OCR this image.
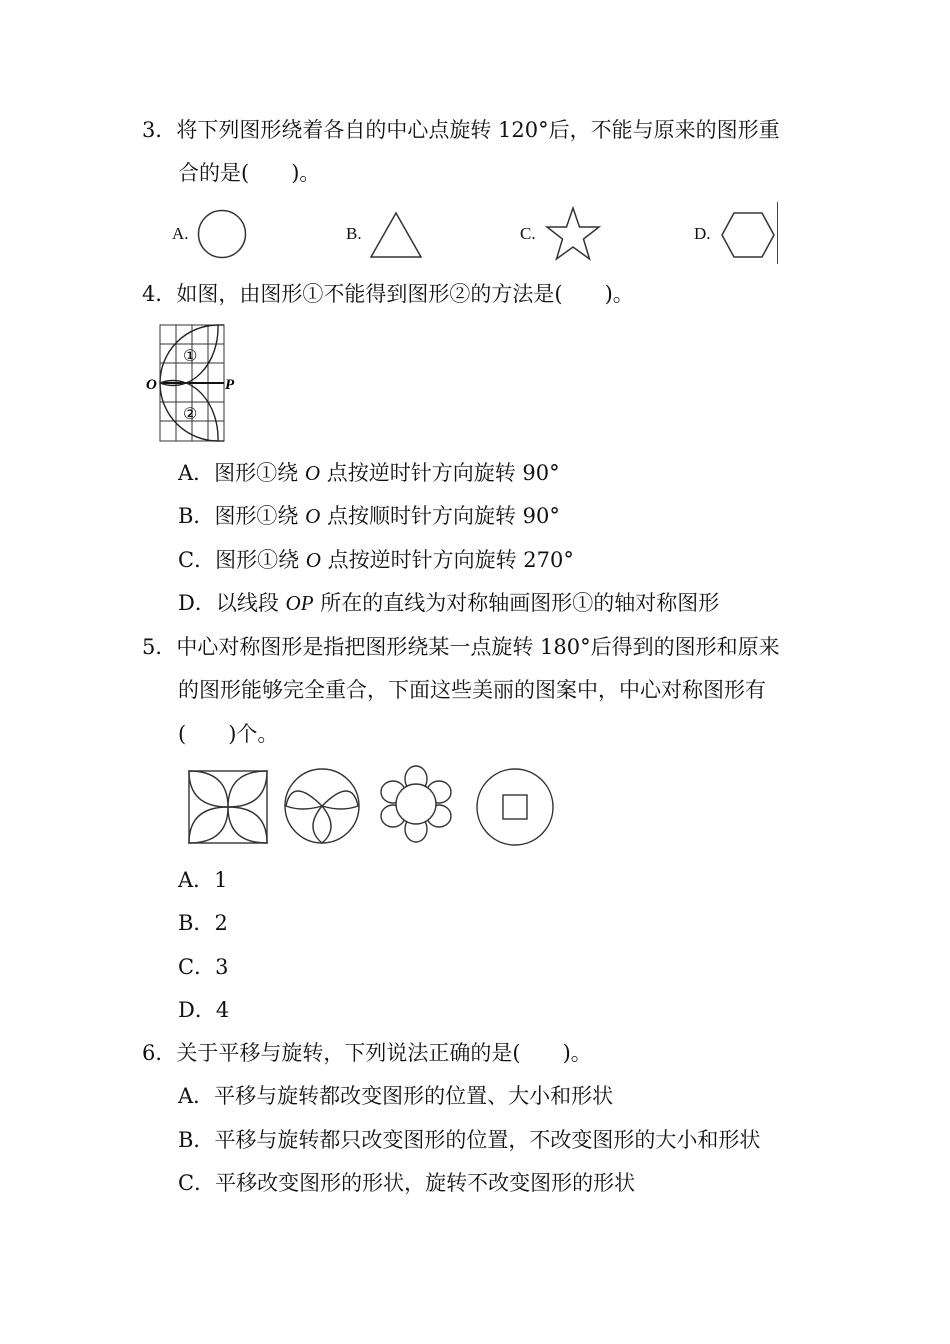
3．将下列图形绕着各自的中心点旋转 120°后，不能与原来的图形重
合的是(　　)。
A.	B.	C.	D.
4．如图，由图形①不能得到图形②的方法是(　　)。
O	P
①
②
A．图形①绕 O 点按逆时针方向旋转 90°
B．图形①绕 O 点按顺时针方向旋转 90°
C．图形①绕 O 点按逆时针方向旋转 270°
D．以线段 OP 所在的直线为对称轴画图形①的轴对称图形
5．中心对称图形是指把图形绕某一点旋转 180°后得到的图形和原来
的图形能够完全重合，下面这些美丽的图案中，中心对称图形有
(　　)个。
A．1
B．2
C．3
D．4
6．关于平移与旋转，下列说法正确的是(　　)。
A．平移与旋转都改变图形的位置、大小和形状
B．平移与旋转都只改变图形的位置，不改变图形的大小和形状
C．平移改变图形的形状，旋转不改变图形的形状
